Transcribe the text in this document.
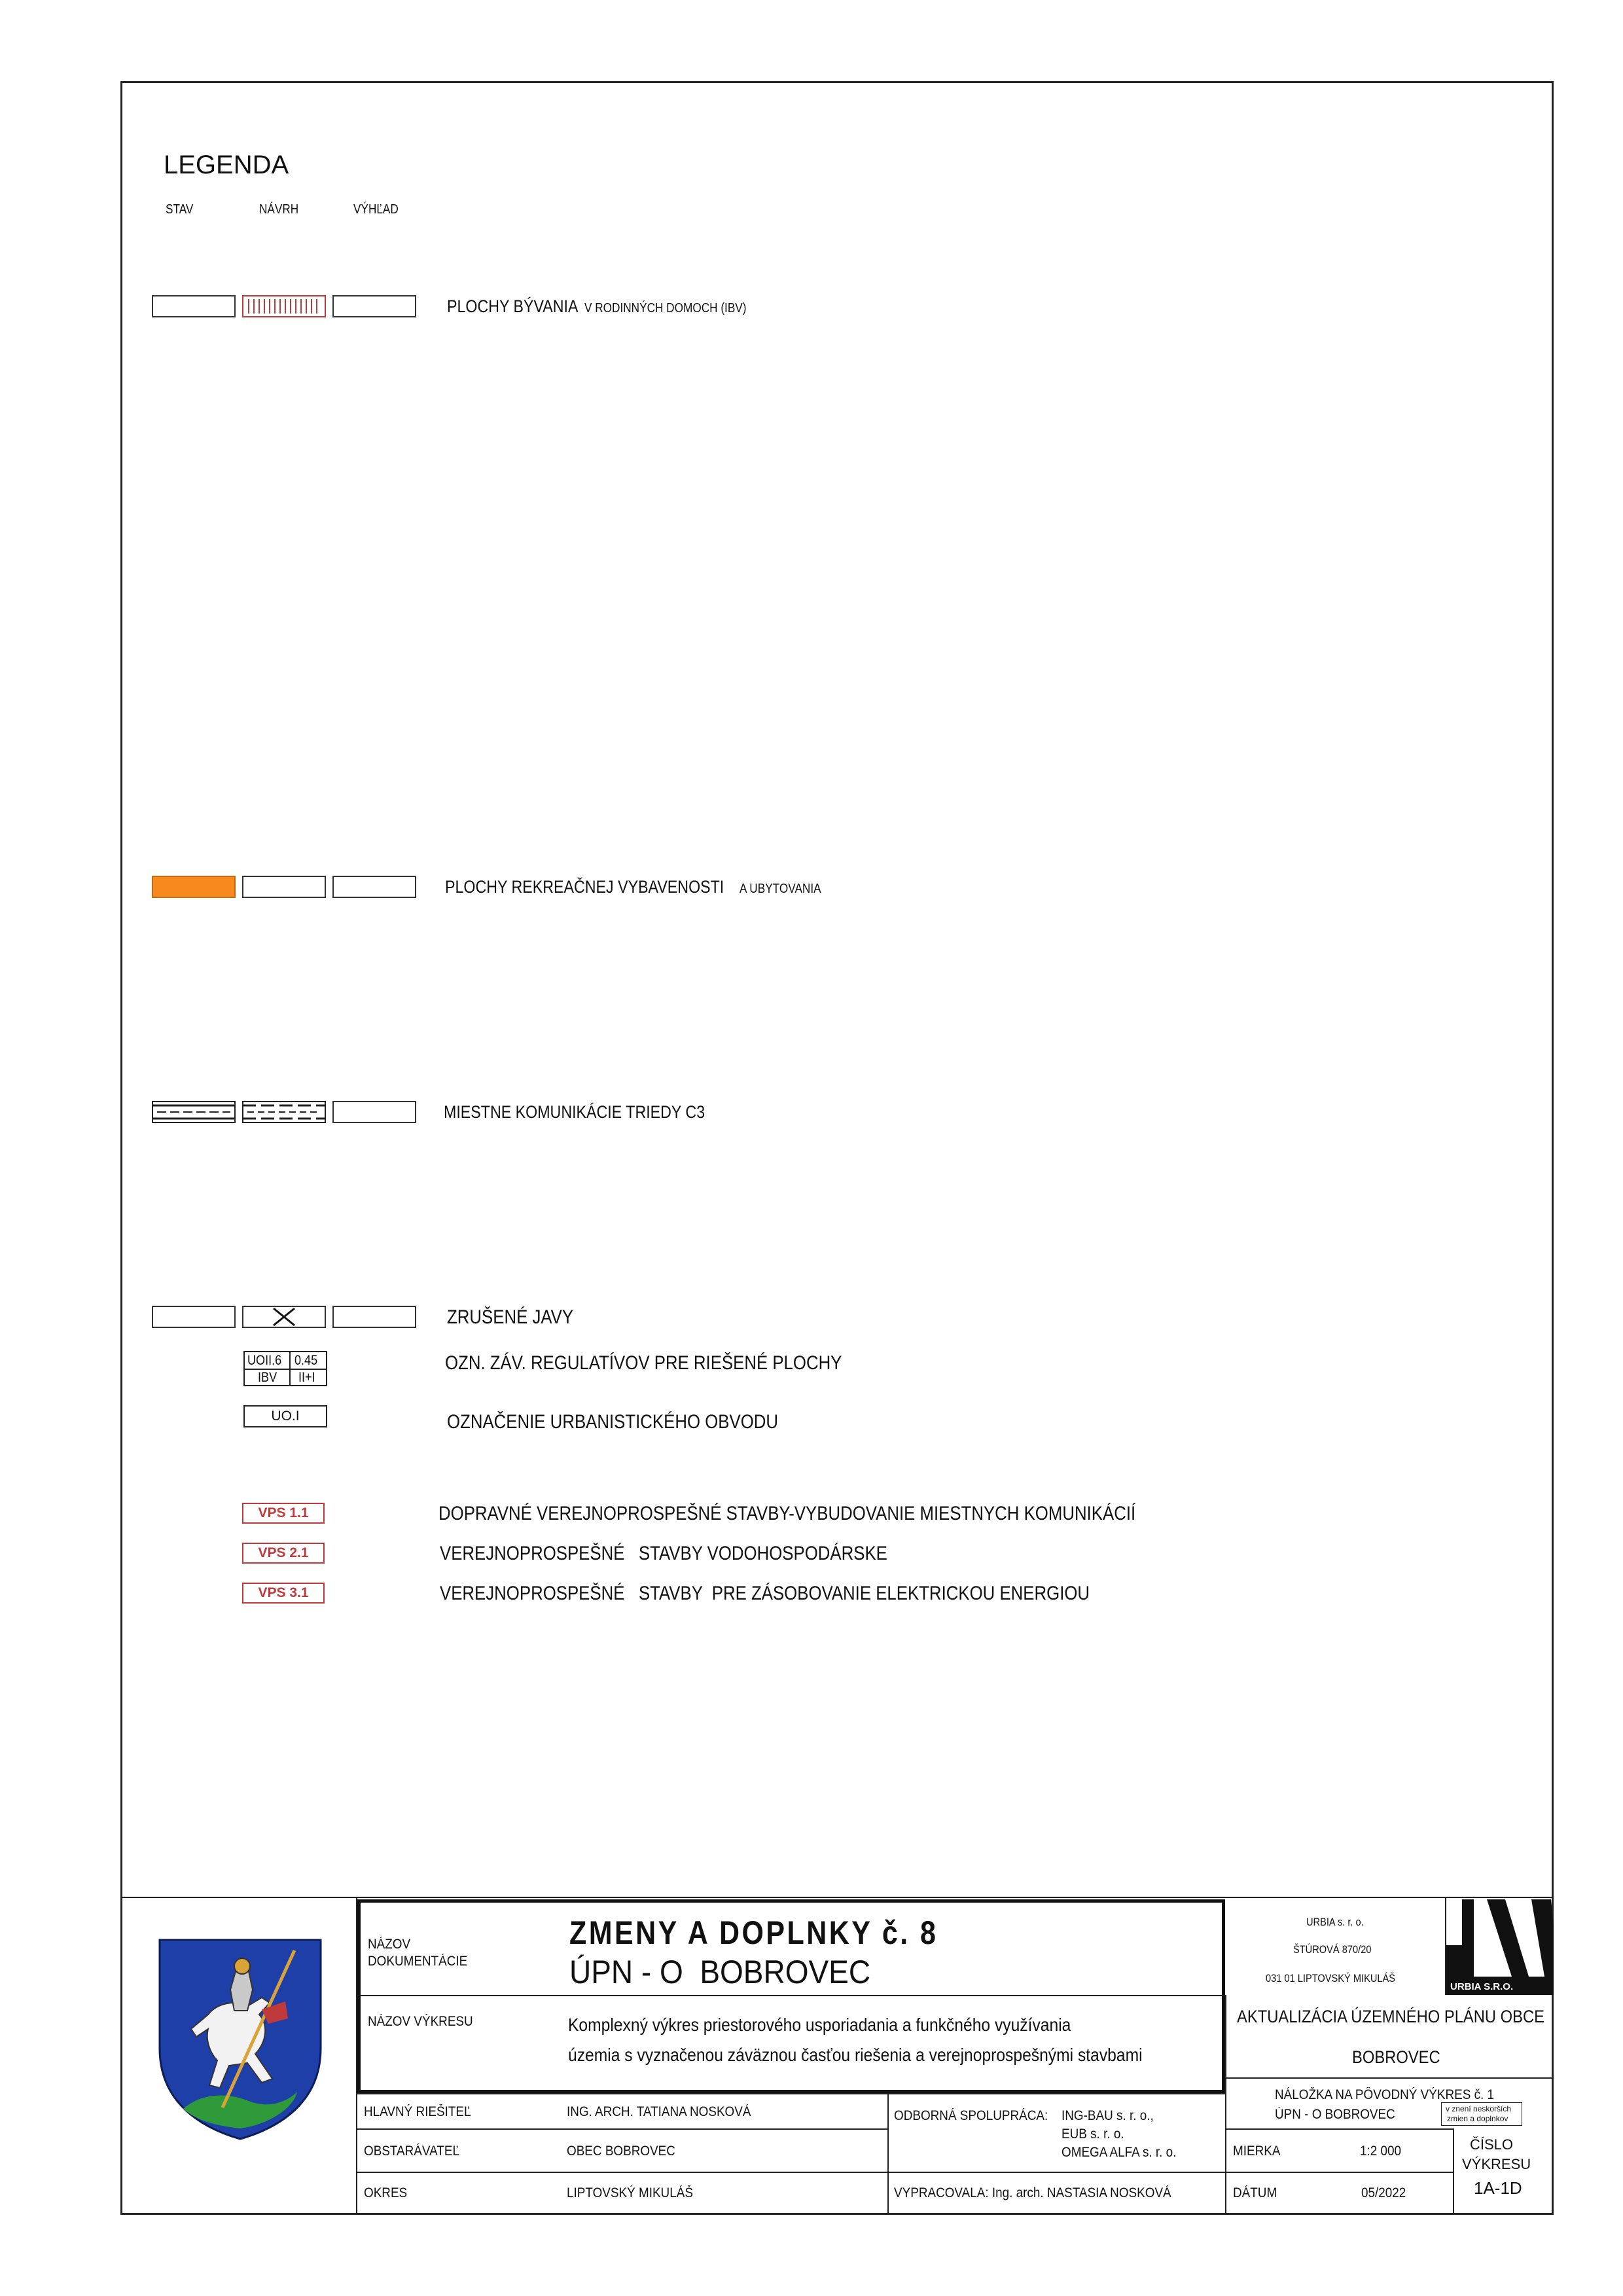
LEGENDA
STAV	NÁVRH	VÝHĽAD
PLOCHY BÝVANIA V RODINNÝCH DOMOCH (IBV)
PLOCHY REKREAČNEJ VYBAVENOSTI A UBYTOVANIA
MIESTNE KOMUNIKÁCIE TRIEDY C3
ZRUŠENÉ JAVY
UOII.6 0.45
IBV II+I
OZN. ZÁV. REGULATÍVOV PRE RIEŠENÉ PLOCHY
UO.I	OZNAČENIE URBANISTICKÉHO OBVODU
VPS 1.1	DOPRAVNÉ VEREJNOPROSPEŠNÉ STAVBY-VYBUDOVANIE MIESTNYCH KOMUNIKÁCIÍ
VPS 2.1	VEREJNOPROSPEŠNÉ   STAVBY VODOHOSPODÁRSKE
VPS 3.1	VEREJNOPROSPEŠNÉ   STAVBY  PRE ZÁSOBOVANIE ELEKTRICKOU ENERGIOU
NÁZOV
DOKUMENTÁCIE
ZMENY A DOPLNKY č. 8
ÚPN - O  BOBROVEC
NÁZOV VÝKRESU	Komplexný výkres priestorového usporiadania a funkčného využívania
územia s vyznačenou záväznou časťou riešenia a verejnoprospešnými stavbami
URBIA s. r. o.
ŠTÚROVÁ 870/20
031 01 LIPTOVSKÝ MIKULÁŠ
URBIA S.R.O.
AKTUALIZÁCIA ÚZEMNÉHO PLÁNU OBCE
BOBROVEC
HLAVNÝ RIEŠITEĽ	ING. ARCH. TATIANA NOSKOVÁ
OBSTARÁVATEĽ	OBEC BOBROVEC
OKRES	LIPTOVSKÝ MIKULÁŠ
ODBORNÁ SPOLUPRÁCA: ING-BAU s. r. o.,
EUB s. r. o.
OMEGA ALFA s. r. o.
VYPRACOVALA: Ing. arch. NASTASIA NOSKOVÁ
NÁLOŽKA NA PÔVODNÝ VÝKRES č. 1
ÚPN - O BOBROVEC	v znení neskorších
zmien a doplnkov
MIERKA	1:2 000
DÁTUM	05/2022
ČÍSLO
VÝKRESU
1A-1D
